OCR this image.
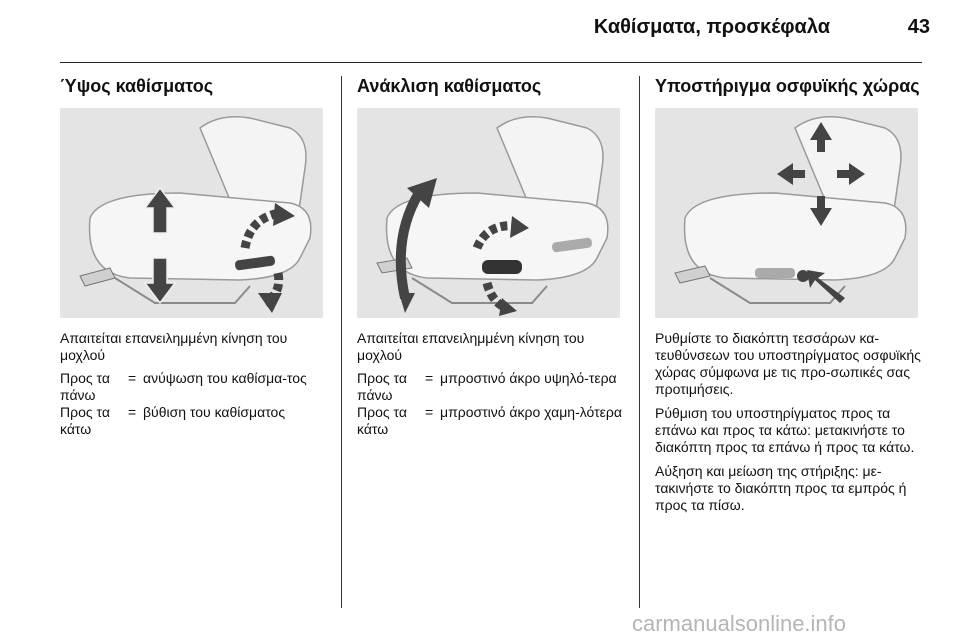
Καθίσματα, προσκέφαλα	43
Ύψος καθίσματος

Απαιτείται επανειλημμένη κίνηση του μοχλού

Προς τα πάνω
= ανύψωση του καθίσμα-τος
Προς τα κάτω
= βύθιση του καθίσματος
Ανάκλιση καθίσματος

Απαιτείται επανειλημμένη κίνηση του μοχλού

Προς τα πάνω
= μπροστινό άκρο υψηλό-τερα
Προς τα κάτω
= μπροστινό άκρο χαμη-λότερα
Υποστήριγμα οσφυϊκής χώρας

Ρυθμίστε το διακόπτη τεσσάρων κα-τευθύνσεων του υποστηρίγματος οσφυϊκής χώρας σύμφωνα με τις προ-σωπικές σας προτιμήσεις.

Ρύθμιση του υποστηρίγματος προς τα επάνω και προς τα κάτω: μετακινήστε το διακόπτη προς τα επάνω ή προς τα κάτω.

Αύξηση και μείωση της στήριξης: με-τακινήστε το διακόπτη προς τα εμπρός ή προς τα πίσω.

carmanualsonline.info
